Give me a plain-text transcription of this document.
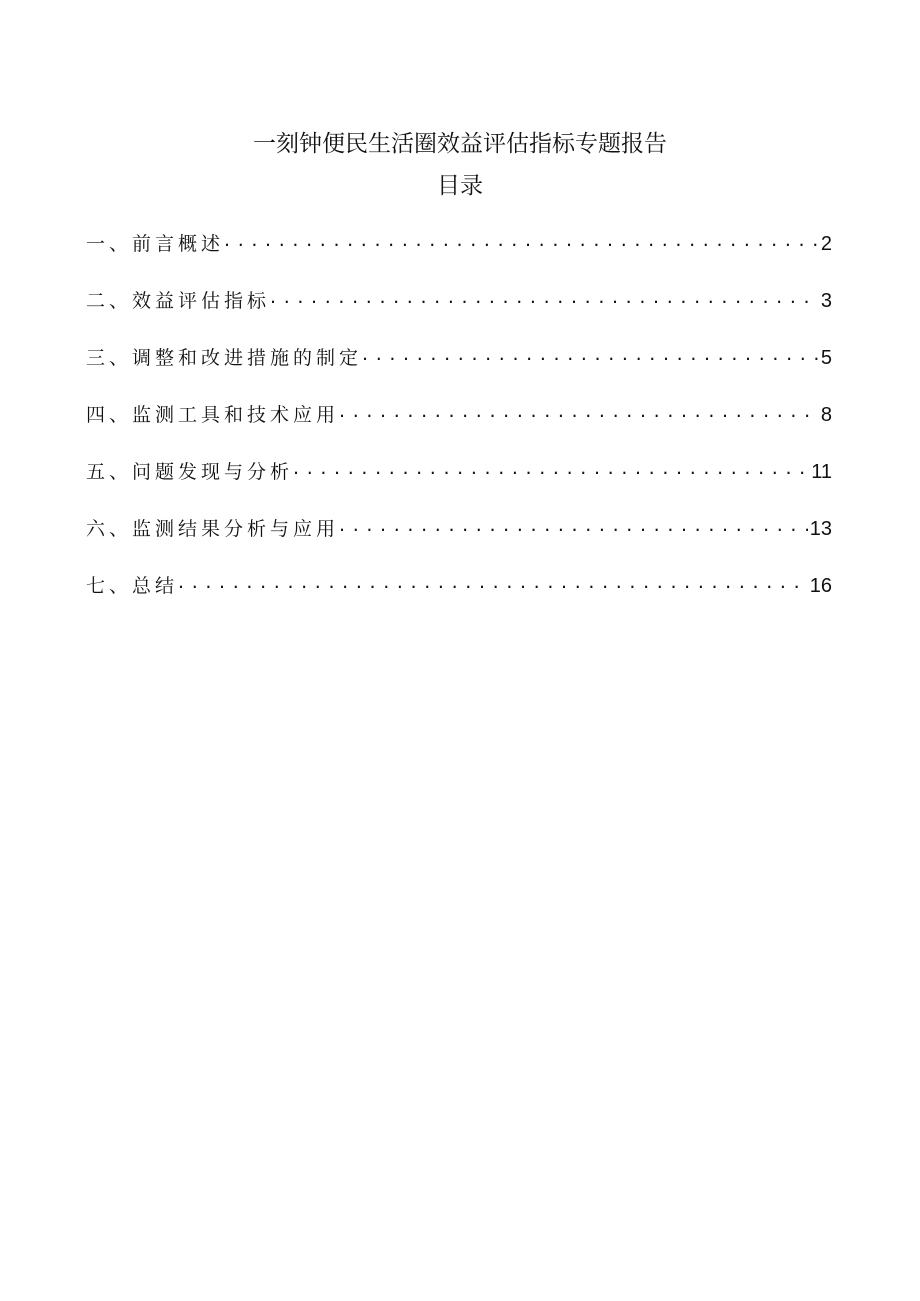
一刻钟便民生活圈效益评估指标专题报告
目录
一、前言概述 . . .	2
二、效益评估指标 . . .	3
三、调整和改进措施的制定 . . .	5
四、监测工具和技术应用 . . .	8
五、问题发现与分析 . . .	11
六、监测结果分析与应用 . . .	13
七、总结 . . .	16
